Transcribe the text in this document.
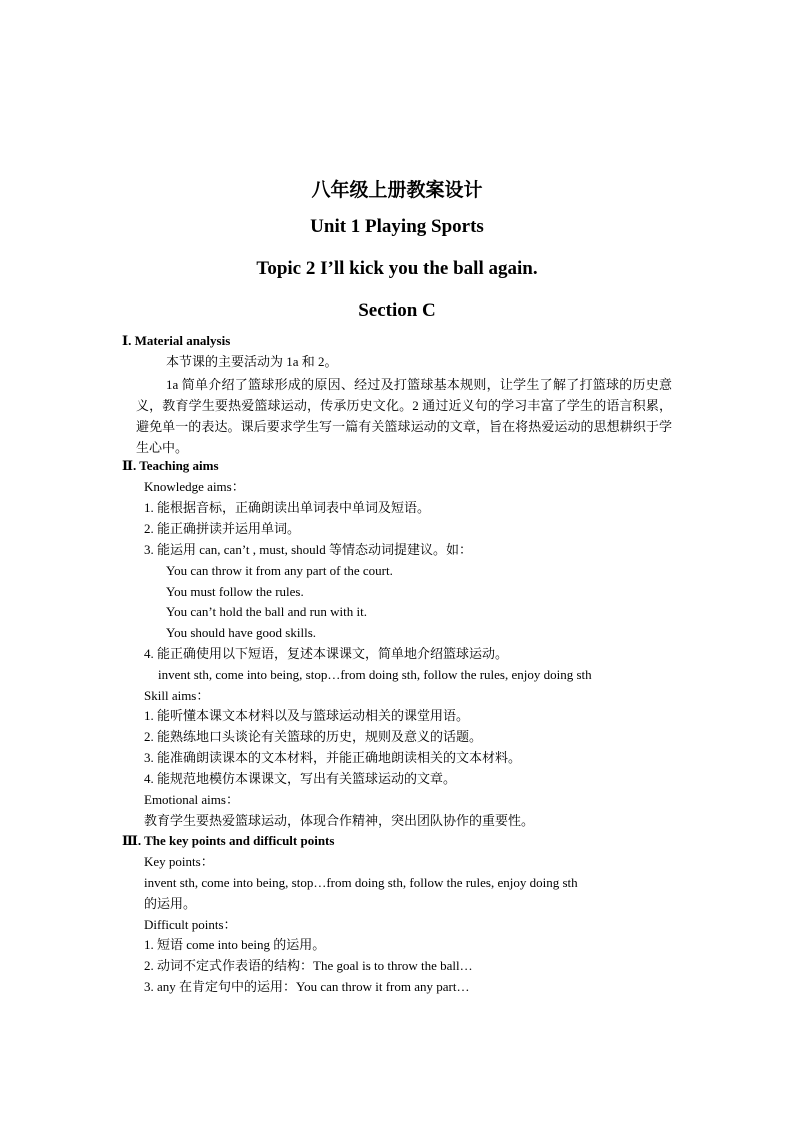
八年级上册教案设计
Unit 1 Playing Sports
Topic 2 I’ll kick you the ball again.
Section C
Ⅰ. Material analysis
本节课的主要活动为 1a 和 2。
1a 简单介绍了篮球形成的原因、经过及打篮球基本规则，让学生了解了打篮球的历史意义，教育学生要热爱篮球运动，传承历史文化。2 通过近义句的学习丰富了学生的语言积累，避免单一的表达。课后要求学生写一篇有关篮球运动的文章，旨在将热爱运动的思想耕织于学生心中。
Ⅱ. Teaching aims
Knowledge aims：
1. 能根据音标，正确朗读出单词表中单词及短语。
2. 能正确拼读并运用单词。
3. 能运用 can, can’t , must, should 等情态动词提建议。如：
You can throw it from any part of the court.
You must follow the rules.
You can’t hold the ball and run with it.
You should have good skills.
4. 能正确使用以下短语，复述本课课文，简单地介绍篮球运动。
invent sth, come into being, stop…from doing sth, follow the rules, enjoy doing sth
Skill aims：
1. 能听懂本课文本材料以及与篮球运动相关的课堂用语。
2. 能熟练地口头谈论有关篮球的历史，规则及意义的话题。
3. 能准确朗读课本的文本材料，并能正确地朗读相关的文本材料。
4. 能规范地模仿本课课文，写出有关篮球运动的文章。
Emotional aims：
教育学生要热爱篮球运动，体现合作精神，突出团队协作的重要性。
Ⅲ. The key points and difficult points
Key points：
invent sth, come into being, stop…from doing sth, follow the rules, enjoy doing sth
的运用。
Difficult points：
1. 短语 come into being 的运用。
2. 动词不定式作表语的结构：The goal is to throw the ball…
3. any 在肯定句中的运用：You can throw it from any part…
